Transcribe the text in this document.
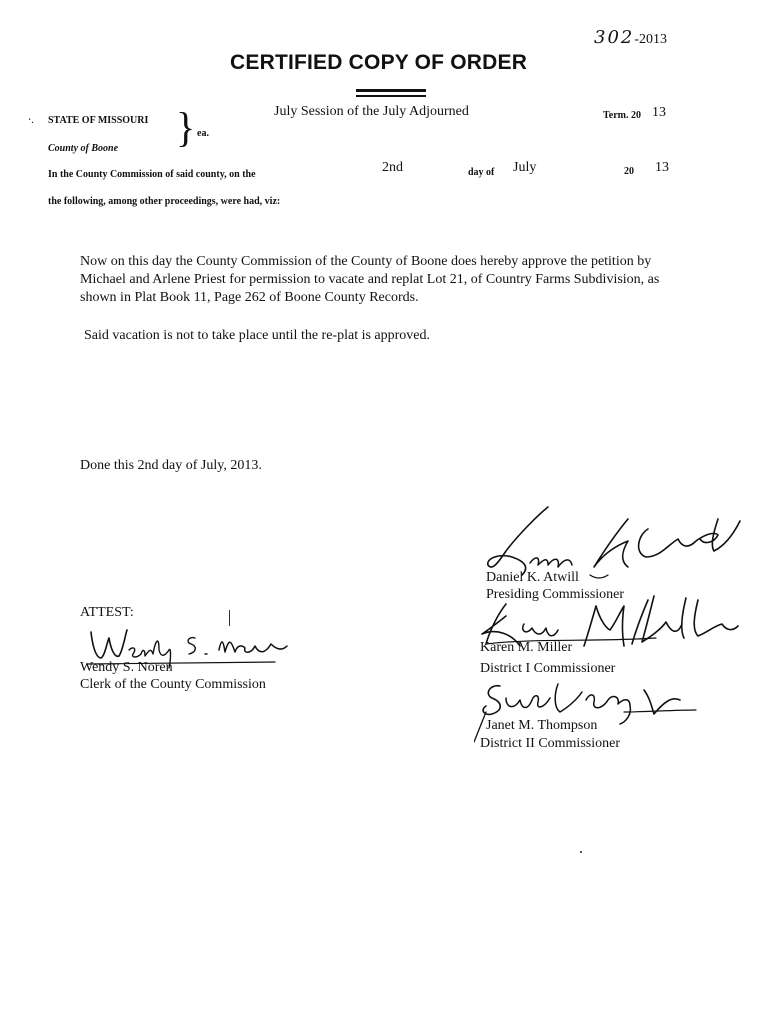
302-2013
CERTIFIED COPY OF ORDER
∙. STATE OF MISSOURI
County of Boone } ea.
July Session of the July Adjourned	Term. 20 13
In the County Commission of said county, on the	2nd	day of July	20 13
the following, among other proceedings, were had, viz:
Now on this day the County Commission of the County of Boone does hereby approve the petition by Michael and Arlene Priest for permission to vacate and replat Lot 21, of Country Farms Subdivision, as shown in Plat Book 11, Page 262 of Boone County Records.
Said vacation is not to take place until the re-plat is approved.
Done this 2nd day of July, 2013.
ATTEST:
Wendy S. Noren
Clerk of the County Commission
Daniel K. Atwill
Presiding Commissioner
Karen M. Miller
District I Commissioner
Janet M. Thompson
District II Commissioner
